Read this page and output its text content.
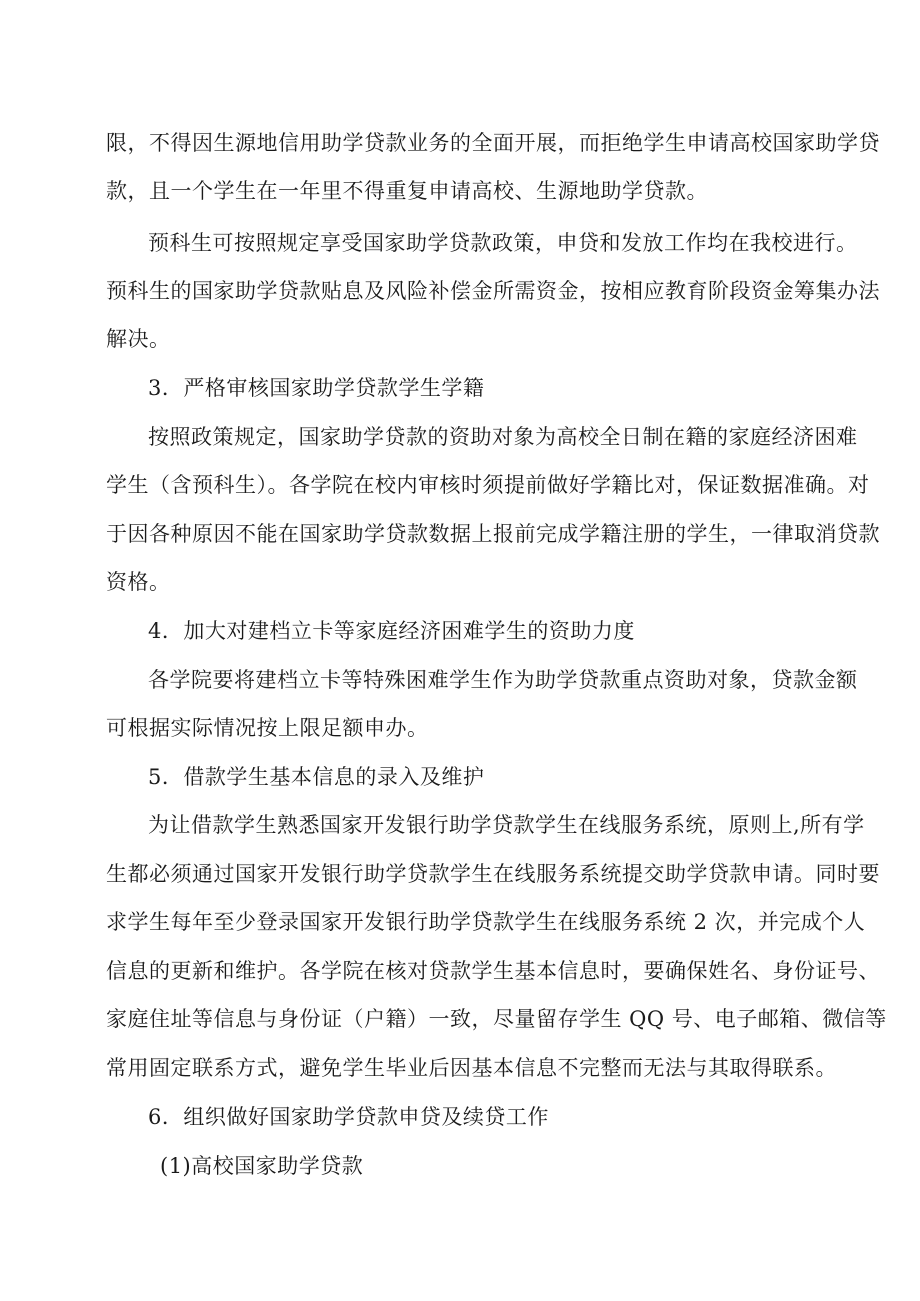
限，不得因生源地信用助学贷款业务的全面开展，而拒绝学生申请高校国家助学贷
款，且一个学生在一年里不得重复申请高校、生源地助学贷款。
预科生可按照规定享受国家助学贷款政策，申贷和发放工作均在我校进行。
预科生的国家助学贷款贴息及风险补偿金所需资金，按相应教育阶段资金筹集办法
解决。
3．严格审核国家助学贷款学生学籍
按照政策规定，国家助学贷款的资助对象为高校全日制在籍的家庭经济困难
学生（含预科生）。各学院在校内审核时须提前做好学籍比对，保证数据准确。对
于因各种原因不能在国家助学贷款数据上报前完成学籍注册的学生，一律取消贷款
资格。
4．加大对建档立卡等家庭经济困难学生的资助力度
各学院要将建档立卡等特殊困难学生作为助学贷款重点资助对象，贷款金额
可根据实际情况按上限足额申办。
5．借款学生基本信息的录入及维护
为让借款学生熟悉国家开发银行助学贷款学生在线服务系统，原则上,所有学
生都必须通过国家开发银行助学贷款学生在线服务系统提交助学贷款申请。同时要
求学生每年至少登录国家开发银行助学贷款学生在线服务系统 2 次，并完成个人
信息的更新和维护。各学院在核对贷款学生基本信息时，要确保姓名、身份证号、
家庭住址等信息与身份证（户籍）一致，尽量留存学生 QQ 号、电子邮箱、微信等
常用固定联系方式，避免学生毕业后因基本信息不完整而无法与其取得联系。
6．组织做好国家助学贷款申贷及续贷工作
(1)高校国家助学贷款
